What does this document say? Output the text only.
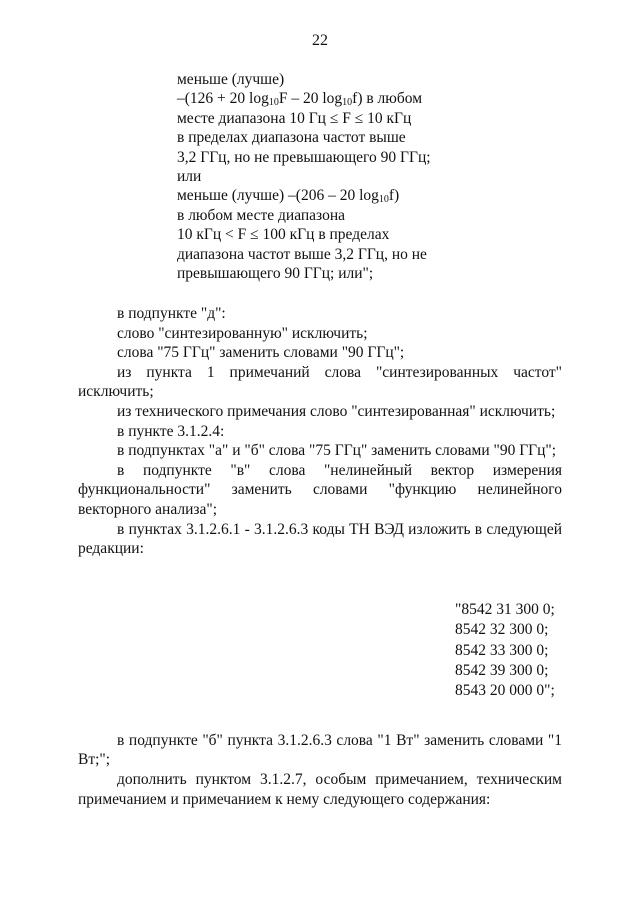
22
меньше (лучше)
–(126 + 20 $\log_{10}F - 20$ $\log_{10}f$) в любом
месте диапазона 10 Гц ≤ F ≤ 10 кГц
в пределах диапазона частот выше
3,2 ГГц, но не превышающего 90 ГГц;
или
меньше (лучше) –(206 – 20 $\log_{10}f$)
в любом месте диапазона
10 кГц < F ≤ 100 кГц в пределах
диапазона частот выше 3,2 ГГц, но не
превышающего 90 ГГц; или";

в подпункте "д":

слово "синтезированную" исключить;

слова "75 ГГц" заменить словами "90 ГГц";

из пункта 1 примечаний слова "синтезированных частот" исключить;

из технического примечания слово "синтезированная" исключить;

в пункте 3.1.2.4:

в подпунктах "а" и "б" слова "75 ГГц" заменить словами "90 ГГц";

в подпункте "в" слова "нелинейный вектор измерения функциональности" заменить словами "функцию нелинейного векторного анализа";

в пунктах 3.1.2.6.1 - 3.1.2.6.3 коды ТН ВЭД изложить в следующей редакции:

"8542 31 300 0;
8542 32 300 0;
8542 33 300 0;
8542 39 300 0;
8543 20 000 0";

в подпункте "б" пункта 3.1.2.6.3 слова "1 Вт" заменить словами "1 Вт;";

дополнить пунктом 3.1.2.7, особым примечанием, техническим примечанием и примечанием к нему следующего содержания:
